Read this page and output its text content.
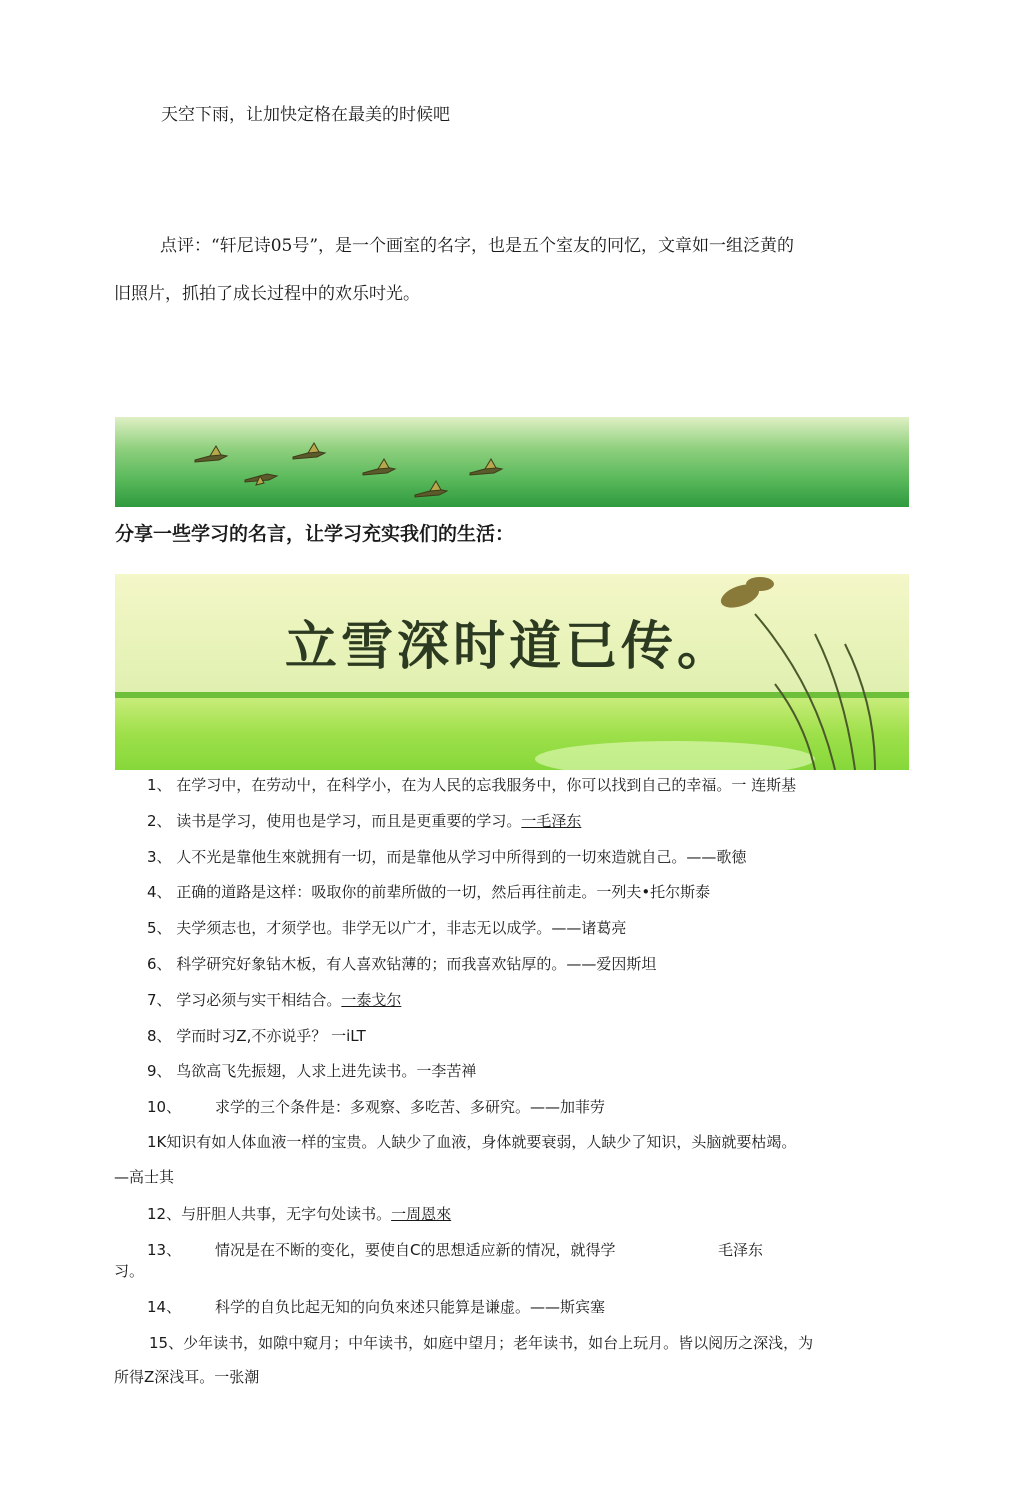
天空下雨，让加快定格在最美的时候吧
点评：“轩尼诗05号”，是一个画室的名字，也是五个室友的冋忆，文章如一组泛黄的
旧照片，抓拍了成长过程中的欢乐吋光。
分享一些学习的名言，让学习充实我们的生活：
立雪深时道已传。
1、 在学习中，在劳动屮，在科学小，在为人民的忘我服务中，你可以找到自己的幸福。一 连斯基
2、 读书是学习，使用也是学习，而且是更重要的学习。一毛泽东
3、 人不光是靠他生來就拥有一切，而是靠他从学习中所得到的一切來造就自己。——歌徳
4、 正确的道路是这样：吸取你的前辈所做的一切，然后再往前走。一列夫•托尔斯泰
5、 夫学须志也，才须学也。非学无以广才，非志无以成学。——诸葛亮
6、 科学研究好象钻木板，有人喜欢钻薄的；而我喜欢钻厚的。——爱因斯坦
7、 学习必须与实干相结合。一泰戈尔
8、 学而时习Z,不亦说乎？ 一iLT
9、 鸟欲高飞先振翅，人求上进先读书。一李苦禅
10、 求学的三个条件是：多观察、多吃苦、多研究。——加菲劳
1K知识有如人体血液一样的宝贵。人缺少了血液，身体就要衰弱，人缺少了知识，头脑就要枯竭。
—高士其
12、与肝胆人共事，无字句处读书。一周恩來
13、 情况是在不断的变化，要使自C的思想适应新的情况，就得学	毛泽东
习。
14、 科学的自负比起无知的向负來述只能算是谦虚。——斯宾塞
15、少年读书，如隙中窥月；中年读书，如庭中望月；老年读书，如台上玩月。皆以阅历之深浅，为
所得Z深浅耳。一张潮
